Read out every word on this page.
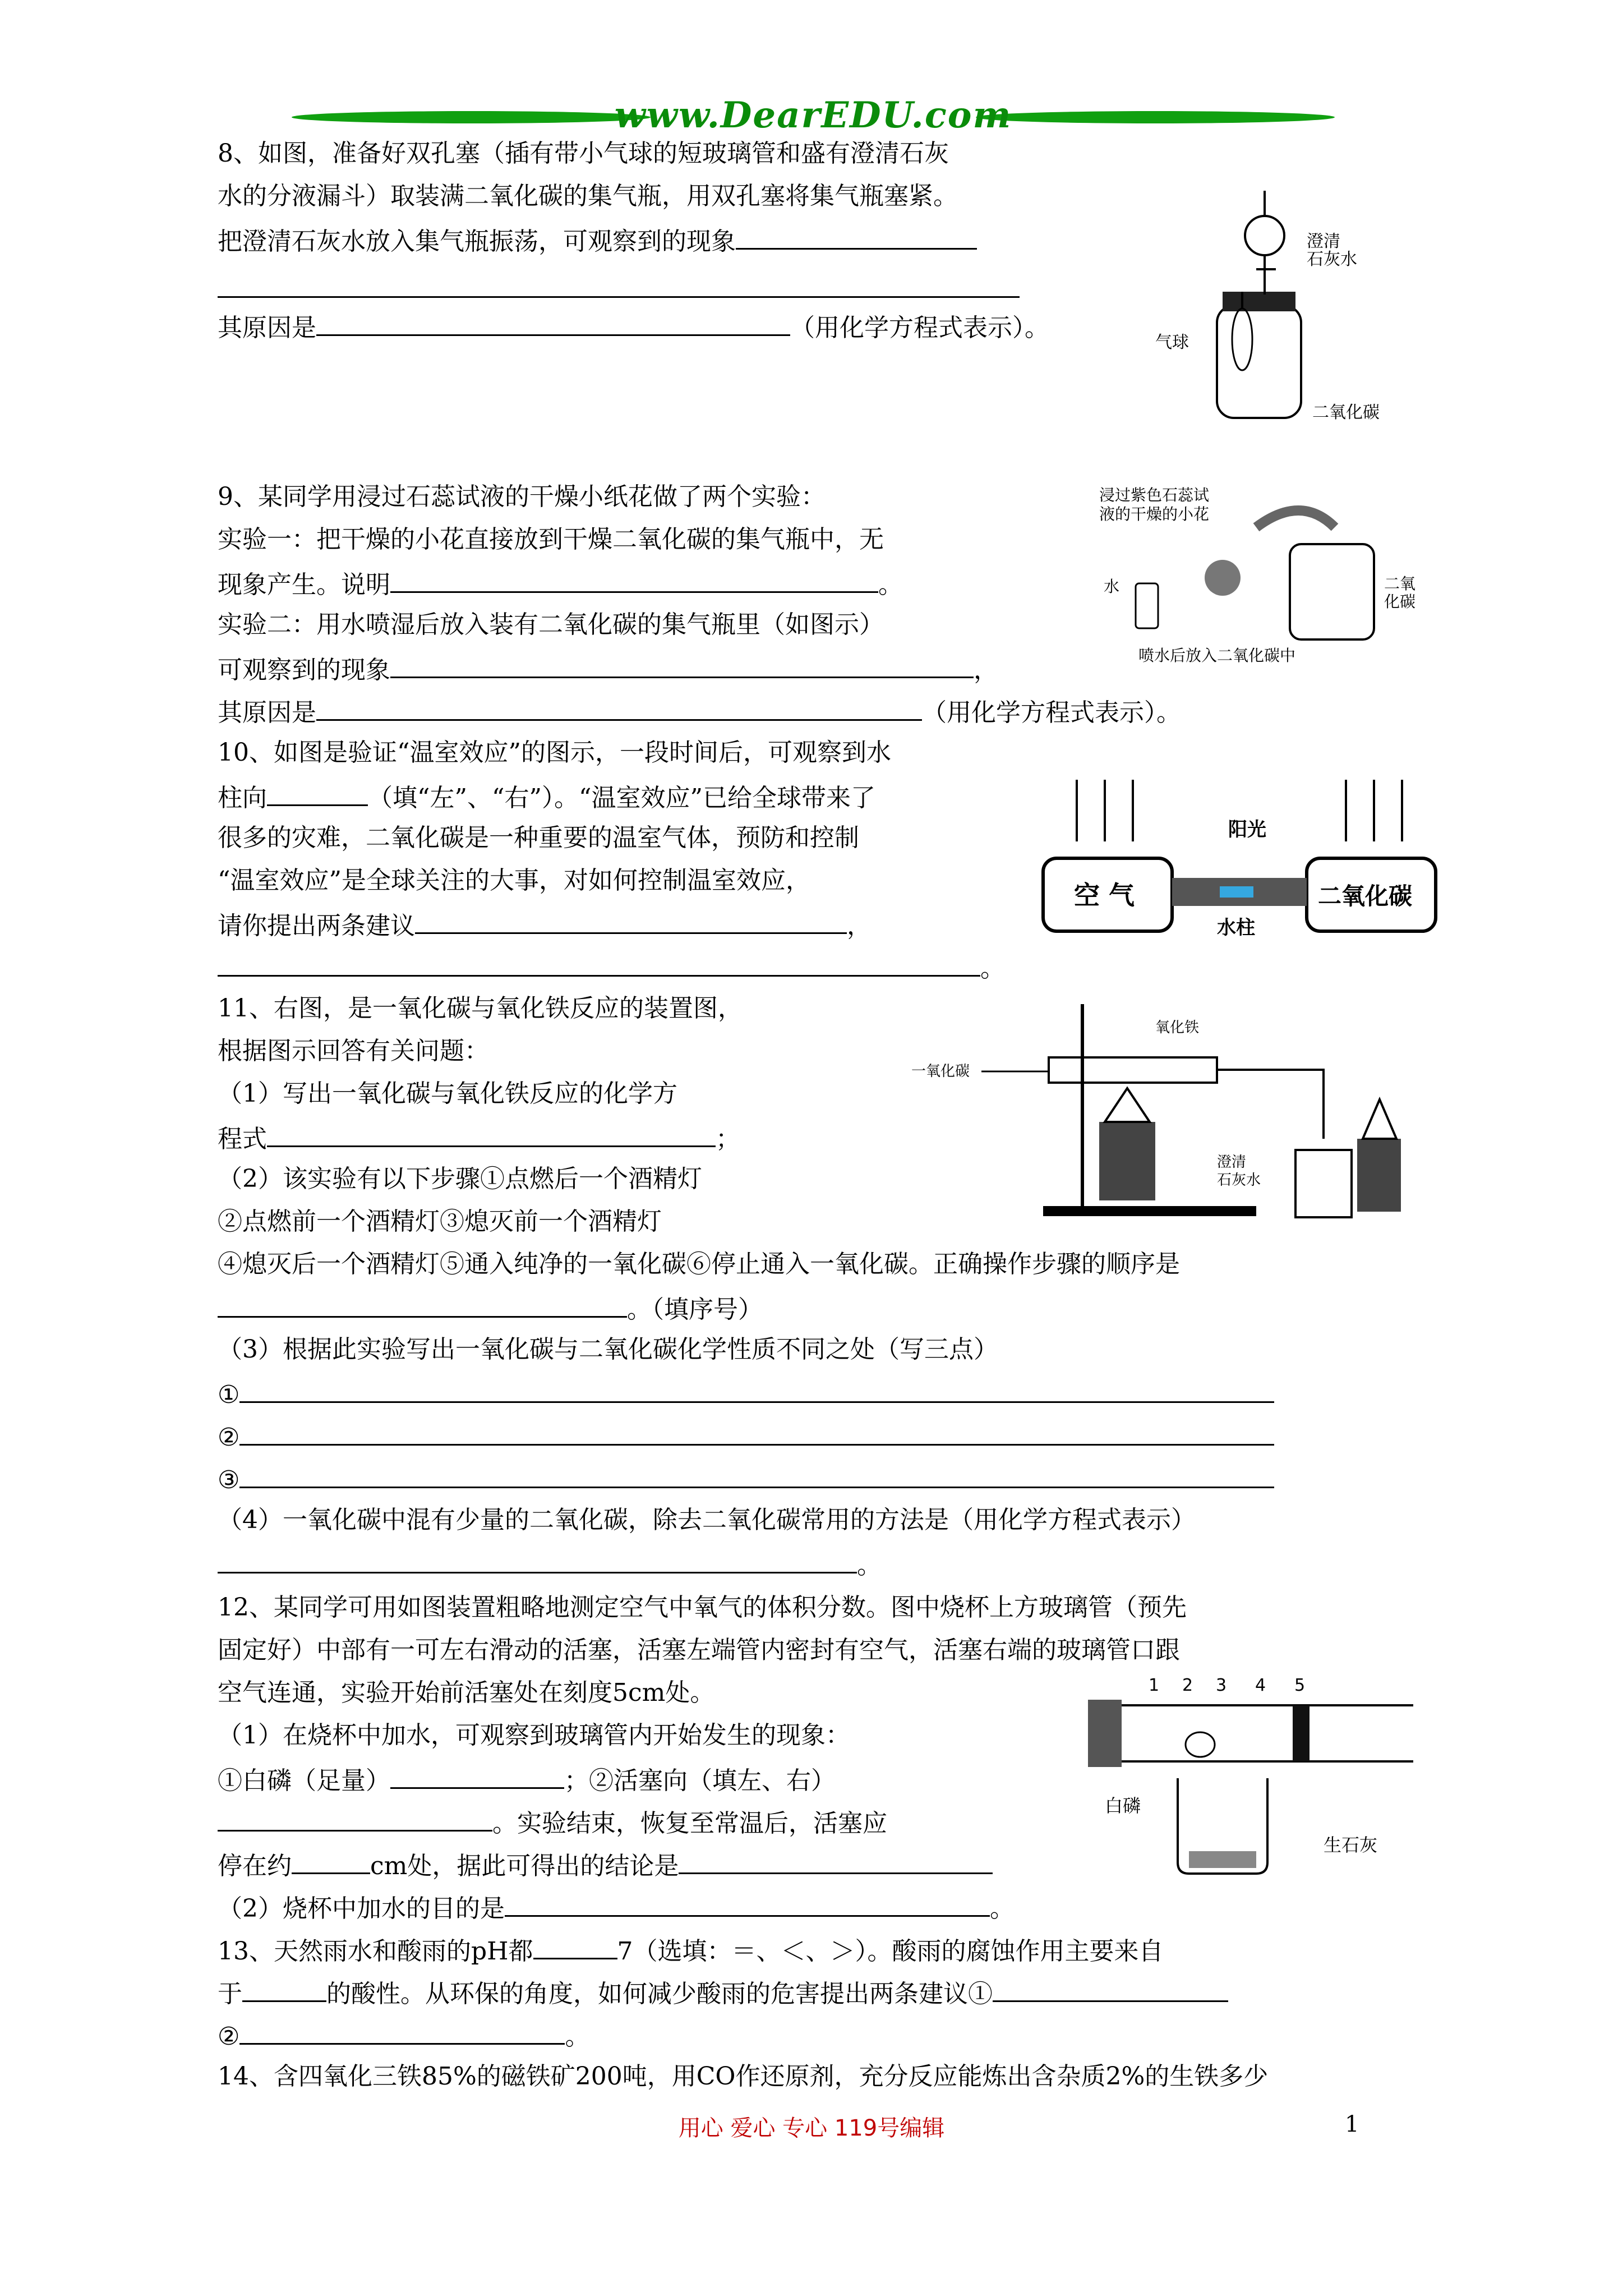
www.DearEDU.com
8、如图，准备好双孔塞（插有带小气球的短玻璃管和盛有澄清石灰
水的分液漏斗）取装满二氧化碳的集气瓶，用双孔塞将集气瓶塞紧。
把澄清石灰水放入集气瓶振荡，可观察到的现象
其原因是	（用化学方程式表示）。
澄清
石灰水
气球
二氧化碳
9、某同学用浸过石蕊试液的干燥小纸花做了两个实验：
实验一：把干燥的小花直接放到干燥二氧化碳的集气瓶中，无
现象产生。说明	。
实验二：用水喷湿后放入装有二氧化碳的集气瓶里（如图示）
可观察到的现象	，
其原因是	（用化学方程式表示）。
浸过紫色石蕊试
液的干燥的小花
水	二氧
化碳
喷水后放入二氧化碳中
10、如图是验证“温室效应”的图示，一段时间后，可观察到水
柱向	（填“左”、“右”）。“温室效应”已给全球带来了
很多的灾难，二氧化碳是一种重要的温室气体，预防和控制
“温室效应”是全球关注的大事，对如何控制温室效应，
请你提出两条建议	，
。
阳光
空 气	二氧化碳
水柱
11、右图，是一氧化碳与氧化铁反应的装置图，
根据图示回答有关问题：
（1）写出一氧化碳与氧化铁反应的化学方
程式	；
（2）该实验有以下步骤①点燃后一个酒精灯
②点燃前一个酒精灯③熄灭前一个酒精灯
④熄灭后一个酒精灯⑤通入纯净的一氧化碳⑥停止通入一氧化碳。正确操作步骤的顺序是
。（填序号）
（3）根据此实验写出一氧化碳与二氧化碳化学性质不同之处（写三点）
①
②
③
（4）一氧化碳中混有少量的二氧化碳，除去二氧化碳常用的方法是（用化学方程式表示）
。
一氧化碳
氧化铁
澄清
石灰水
12、某同学可用如图装置粗略地测定空气中氧气的体积分数。图中烧杯上方玻璃管（预先
固定好）中部有一可左右滑动的活塞，活塞左端管内密封有空气，活塞右端的玻璃管口跟
空气连通，实验开始前活塞处在刻度5cm处。
（1）在烧杯中加水，可观察到玻璃管内开始发生的现象：
①白磷（足量）	；②活塞向（填左、右）
。实验结束，恢复至常温后，活塞应
停在约	cm处，据此可得出的结论是
（2）烧杯中加水的目的是	。
1 2 3 4 5
白磷
生石灰
13、天然雨水和酸雨的pH都	7（选填：＝、＜、＞）。酸雨的腐蚀作用主要来自
于	的酸性。从环保的角度，如何减少酸雨的危害提出两条建议①
②	。
14、含四氧化三铁85%的磁铁矿200吨，用CO作还原剂，充分反应能炼出含杂质2%的生铁多少
用心 爱心 专心 119号编辑	1
